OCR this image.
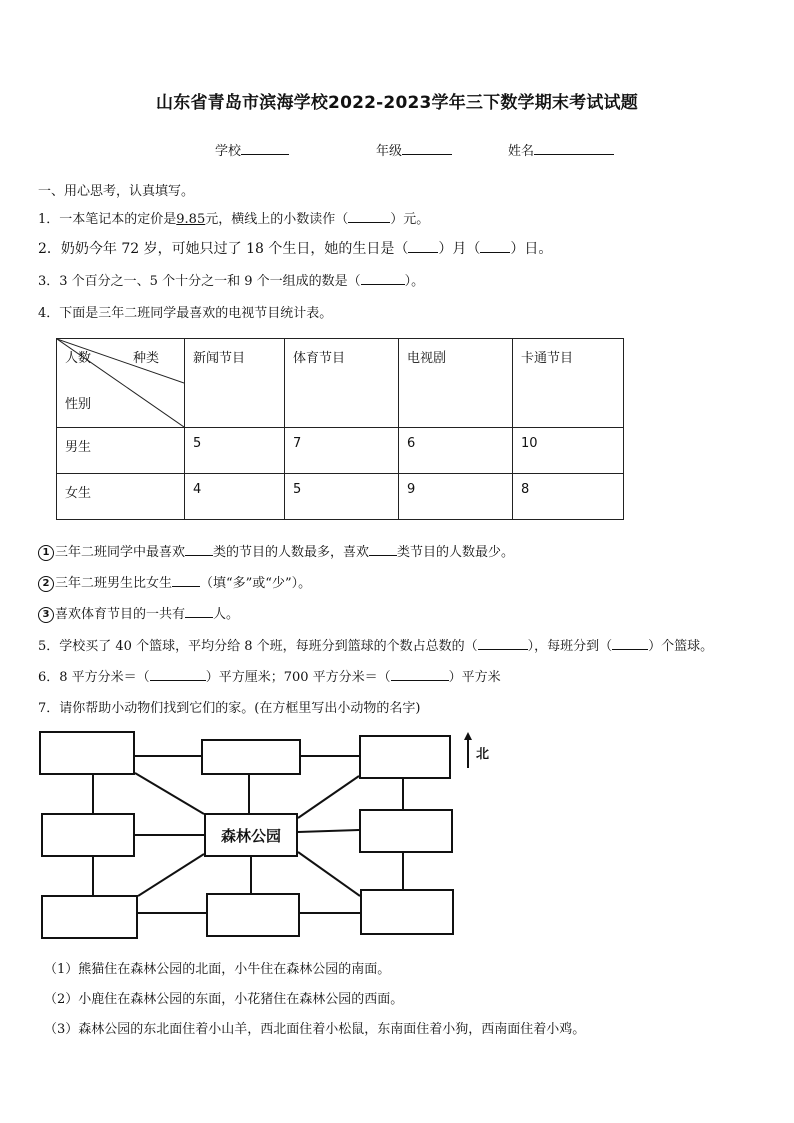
山东省青岛市滨海学校2022-2023学年三下数学期末考试试题
学校	年级	姓名
一、用心思考，认真填写。
1．一本笔记本的定价是9.85元，横线上的小数读作（	）元。
2．奶奶今年 72 岁，可她只过了 18 个生日，她的生日是（ ）月（ ）日。
3．3 个百分之一、5 个十分之一和 9 个一组成的数是（	）。
4．下面是三年二班同学最喜欢的电视节目统计表。
人数 种类
性别	新闻节目	体育节目	电视剧	卡通节目

男生	5	7	6	10

女生	4	5	9	8
1 三年二班同学中最喜欢 类的节目的人数最多，喜欢 类节目的人数最少。
2 三年二班男生比女生 （填“多”或“少”）。
3 喜欢体育节目的一共有 人。
5．学校买了 40 个篮球，平均分给 8 个班，每班分到篮球的个数占总数的（	），每班分到（	）个篮球。
6．8 平方分米＝（	）平方厘米；700 平方分米＝（	）平方米
7．请你帮助小动物们找到它们的家。(在方框里写出小动物的名字)
森林公园
北
（1）熊猫住在森林公园的北面，小牛住在森林公园的南面。
（2）小鹿住在森林公园的东面，小花猪住在森林公园的西面。
（3）森林公园的东北面住着小山羊，西北面住着小松鼠，东南面住着小狗，西南面住着小鸡。
